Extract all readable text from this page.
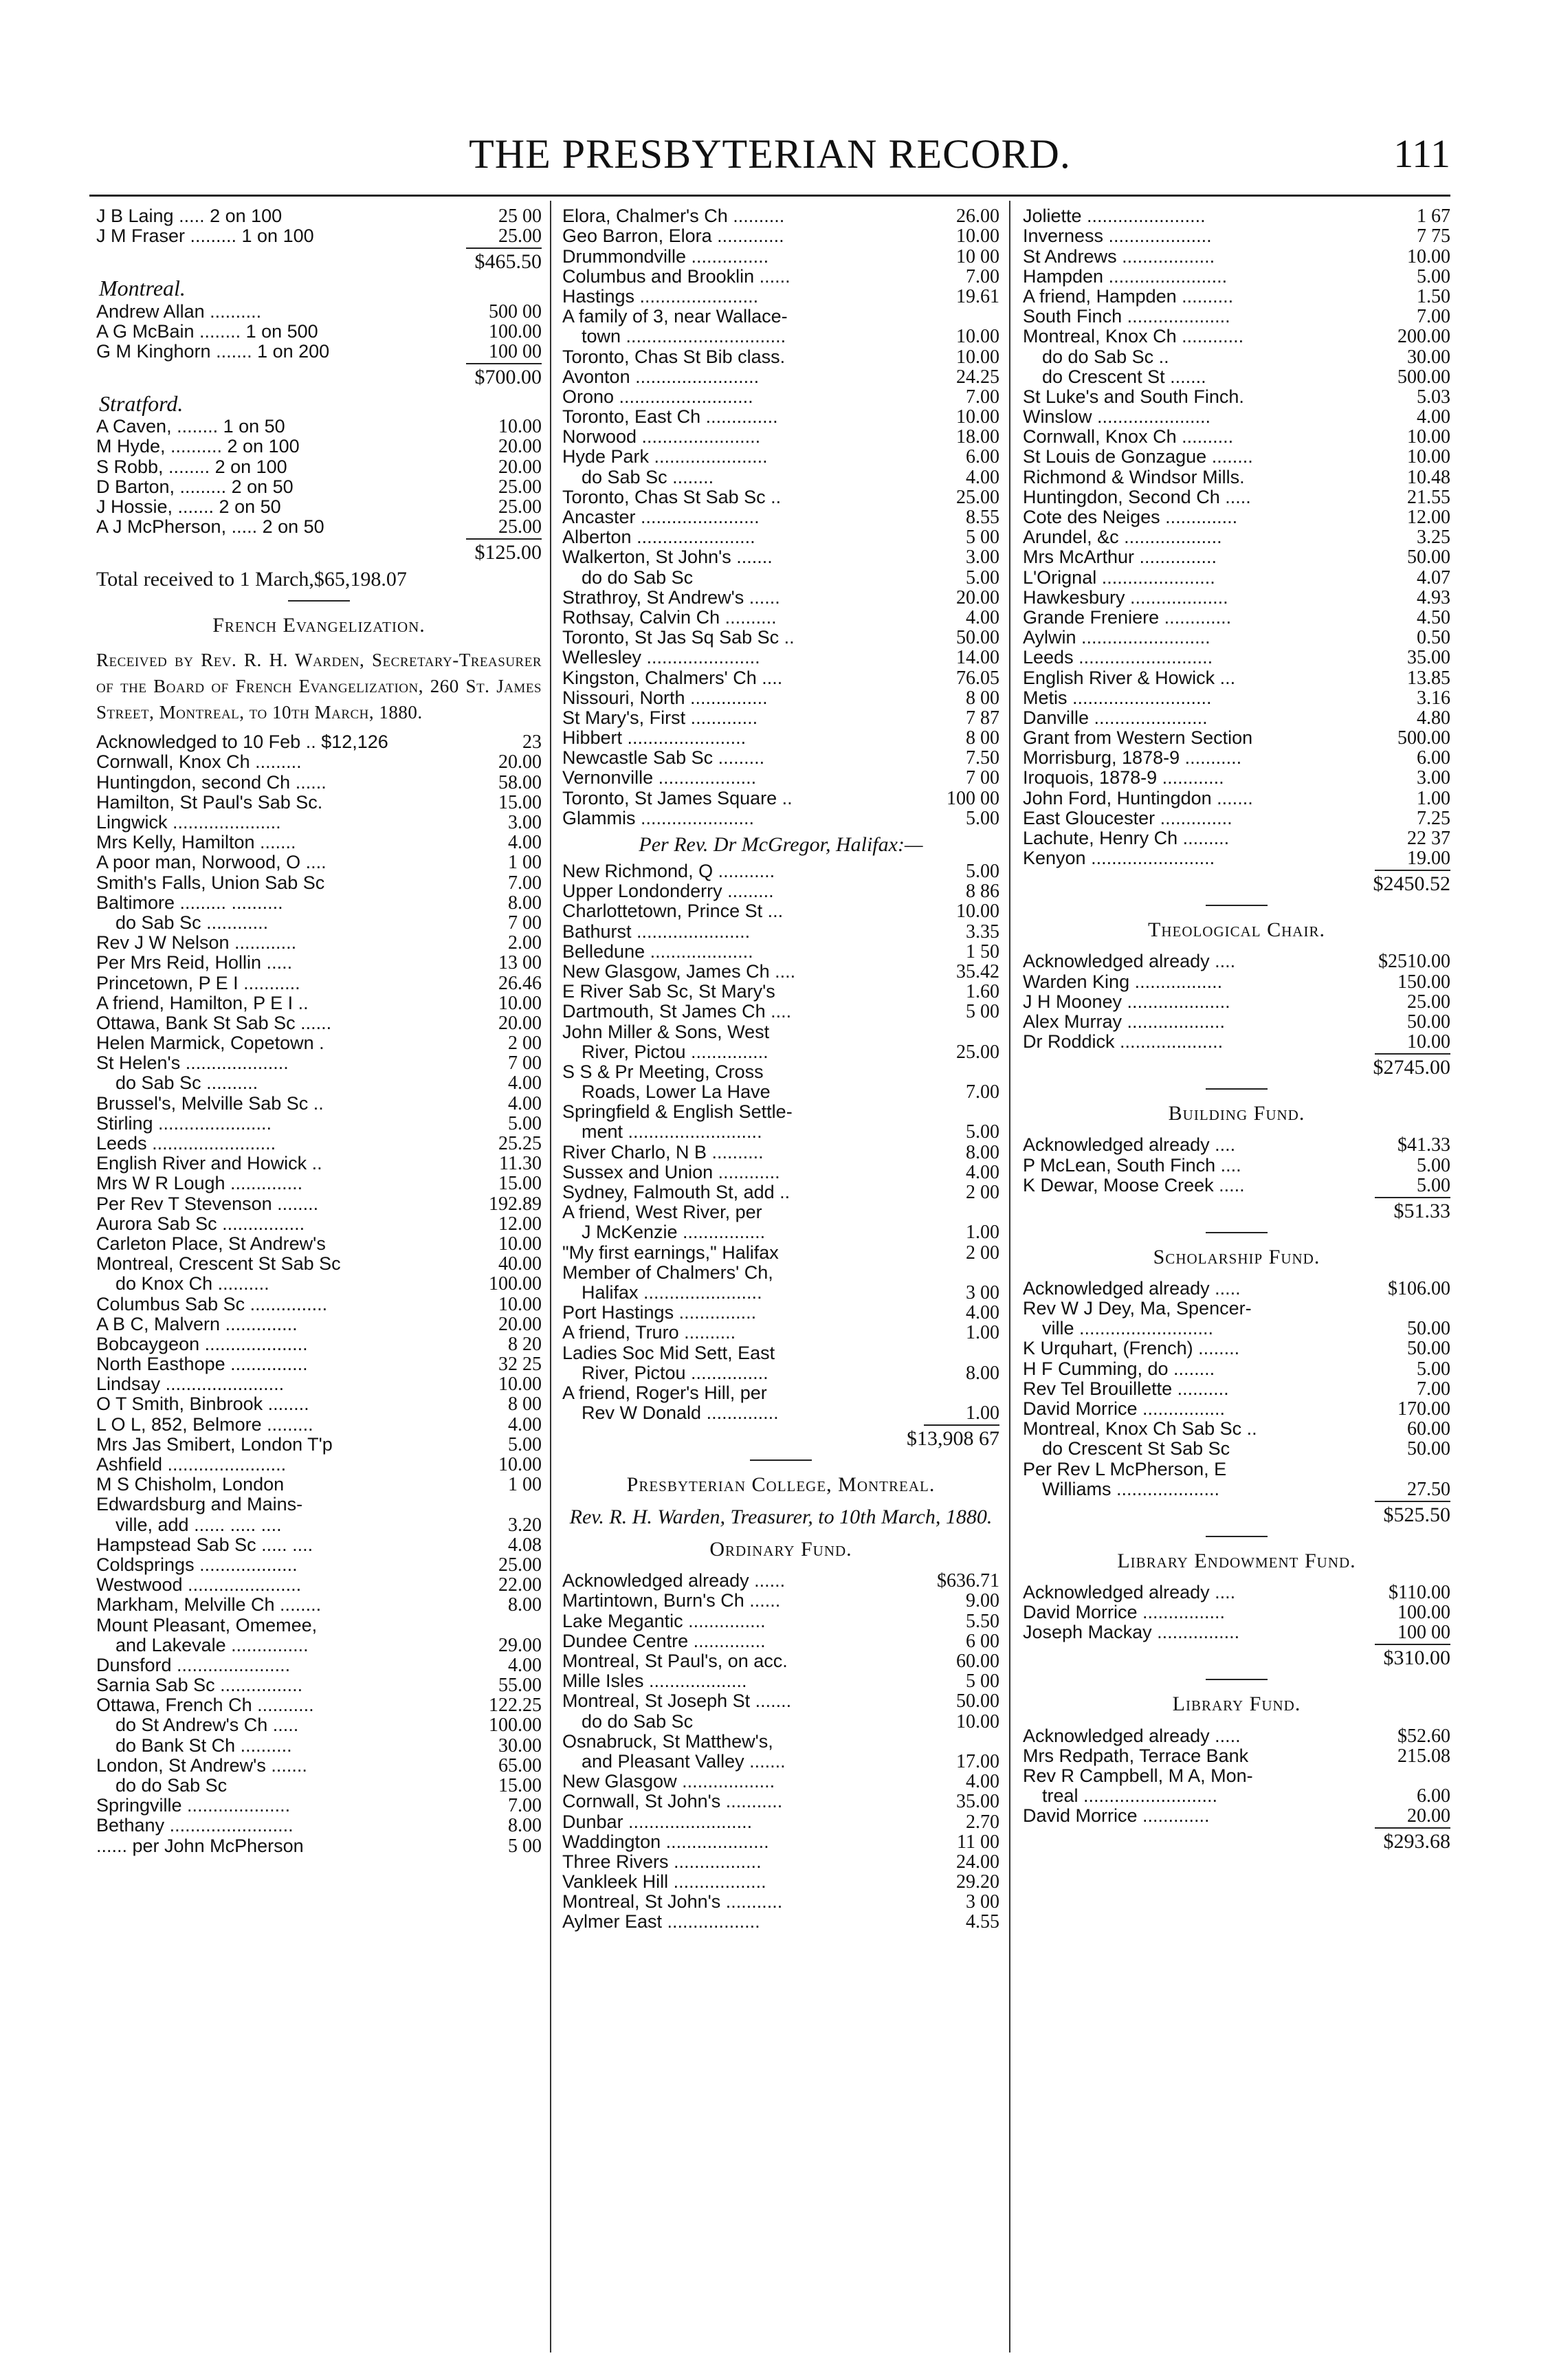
THE PRESBYTERIAN RECORD.	111
J B Laing ..... 2 on 100	25 00
J M Fraser ......... 1 on 100	25.00
$465.50
Montreal.
Andrew Allan ..........	500 00
A G McBain ........ 1 on 500	100.00
G M Kinghorn ....... 1 on 200	100 00
$700.00
Stratford.
A Caven, ........ 1 on 50	10.00
M Hyde, .......... 2 on 100	20.00
S Robb, ........ 2 on 100	20.00
D Barton, ......... 2 on 50	25.00
J Hossie, ....... 2 on 50	25.00
A J McPherson, ..... 2 on 50	25.00
$125.00
Total received to 1 March,$65,198.07
French Evangelization.
Received by Rev. R. H. Warden, Secretary-Treasurer of the Board of French Evangelization, 260 St. James Street, Montreal, to 10th March, 1880.
Acknowledged to 10 Feb .. $12,126	23
Cornwall, Knox Ch .........	20.00
Huntingdon, second Ch ......	58.00
Hamilton, St Paul's Sab Sc.	15.00
Lingwick .....................	3.00
Mrs Kelly, Hamilton .......	4.00
A poor man, Norwood, O ....	1 00
Smith's Falls, Union Sab Sc	7.00
Baltimore ......... ..........	8.00
do Sab Sc ............	7 00
Rev J W Nelson ............	2.00
Per Mrs Reid, Hollin .....	13 00
Princetown, P E I ...........	26.46
A friend, Hamilton, P E I ..	10.00
Ottawa, Bank St Sab Sc ......	20.00
Helen Marmick, Copetown .	2 00
St Helen's ....................	7 00
do Sab Sc ..........	4.00
Brussel's, Melville Sab Sc ..	4.00
Stirling ......................	5.00
Leeds ........................	25.25
English River and Howick ..	11.30
Mrs W R Lough ..............	15.00
Per Rev T Stevenson ........	192.89
Aurora Sab Sc ................	12.00
Carleton Place, St Andrew's	10.00
Montreal, Crescent St Sab Sc	40.00
do Knox Ch ..........	100.00
Columbus Sab Sc ...............	10.00
A B C, Malvern ..............	20.00
Bobcaygeon ....................	8 20
North Easthope ...............	32 25
Lindsay .......................	10.00
O T Smith, Binbrook ........	8 00
L O L, 852, Belmore .........	4.00
Mrs Jas Smibert, London T'p	5.00
Ashfield .......................	10.00
M S Chisholm, London	1 00
Edwardsburg and Mains-
ville, add ...... ..... ....	3.20
Hampstead Sab Sc ..... ....	4.08
Coldsprings ...................	25.00
Westwood ......................	22.00
Markham, Melville Ch ........	8.00
Mount Pleasant, Omemee,
and Lakevale ...............	29.00
Dunsford ......................	4.00
Sarnia Sab Sc ................	55.00
Ottawa, French Ch ...........	122.25
do St Andrew's Ch .....	100.00
do Bank St Ch ..........	30.00
London, St Andrew's .......	65.00
do do Sab Sc	15.00
Springville ....................	7.00
Bethany ........................	8.00
...... per John McPherson	5 00
Elora, Chalmer's Ch ..........	26.00
Geo Barron, Elora .............	10.00
Drummondville ...............	10 00
Columbus and Brooklin ......	7.00
Hastings .......................	19.61
A family of 3, near Wallace-
town ...............................	10.00
Toronto, Chas St Bib class.	10.00
Avonton ........................	24.25
Orono ..........................	7.00
Toronto, East Ch ..............	10.00
Norwood .......................	18.00
Hyde Park ......................	6.00
do Sab Sc ........	4.00
Toronto, Chas St Sab Sc ..	25.00
Ancaster .......................	8.55
Alberton .......................	5 00
Walkerton, St John's .......	3.00
do do Sab Sc	5.00
Strathroy, St Andrew's ......	20.00
Rothsay, Calvin Ch ..........	4.00
Toronto, St Jas Sq Sab Sc ..	50.00
Wellesley ......................	14.00
Kingston, Chalmers' Ch ....	76.05
Nissouri, North ...............	8 00
St Mary's, First .............	7 87
Hibbert .......................	8 00
Newcastle Sab Sc .........	7.50
Vernonville ...................	7 00
Toronto, St James Square ..	100 00
Glammis ......................	5.00
Per Rev. Dr McGregor, Halifax:—
New Richmond, Q ...........	5.00
Upper Londonderry .........	8 86
Charlottetown, Prince St ...	10.00
Bathurst ......................	3.35
Belledune ....................	1 50
New Glasgow, James Ch ....	35.42
E River Sab Sc, St Mary's	1.60
Dartmouth, St James Ch ....	5 00
John Miller & Sons, West
River, Pictou ...............	25.00
S S & Pr Meeting, Cross
Roads, Lower La Have	7.00
Springfield & English Settle-
ment ..........................	5.00
River Charlo, N B ..........	8.00
Sussex and Union ............	4.00
Sydney, Falmouth St, add ..	2 00
A friend, West River, per
J McKenzie ................	1.00
"My first earnings," Halifax	2 00
Member of Chalmers' Ch,
Halifax .......................	3 00
Port Hastings ...............	4.00
A friend, Truro ..........	1.00
Ladies Soc Mid Sett, East
River, Pictou ...............	8.00
A friend, Roger's Hill, per
Rev W Donald ..............	1.00
$13,908 67
Presbyterian College, Montreal.
Rev. R. H. Warden, Treasurer, to 10th March, 1880.
Ordinary Fund.
Acknowledged already ......	$636.71
Martintown, Burn's Ch ......	9.00
Lake Megantic ...............	5.50
Dundee Centre ..............	6 00
Montreal, St Paul's, on acc.	60.00
Mille Isles ...................	5 00
Montreal, St Joseph St .......	50.00
do do Sab Sc	10.00
Osnabruck, St Matthew's,
and Pleasant Valley .......	17.00
New Glasgow ..................	4.00
Cornwall, St John's ...........	35.00
Dunbar ........................	2.70
Waddington ....................	11 00
Three Rivers .................	24.00
Vankleek Hill ..................	29.20
Montreal, St John's ...........	3 00
Aylmer East ..................	4.55
Joliette .......................	1 67
Inverness ....................	7 75
St Andrews ..................	10.00
Hampden .......................	5.00
A friend, Hampden ..........	1.50
South Finch ....................	7.00
Montreal, Knox Ch ............	200.00
do do Sab Sc ..	30.00
do Crescent St .......	500.00
St Luke's and South Finch.	5.03
Winslow ......................	4.00
Cornwall, Knox Ch ..........	10.00
St Louis de Gonzague ........	10.00
Richmond & Windsor Mills.	10.48
Huntingdon, Second Ch .....	21.55
Cote des Neiges ..............	12.00
Arundel, &c ...................	3.25
Mrs McArthur ...............	50.00
L'Orignal ......................	4.07
Hawkesbury ...................	4.93
Grande Freniere .............	4.50
Aylwin .........................	0.50
Leeds ..........................	35.00
English River & Howick ...	13.85
Metis ...........................	3.16
Danville ......................	4.80
Grant from Western Section	500.00
Morrisburg, 1878-9 ...........	6.00
Iroquois, 1878-9 ............	3.00
John Ford, Huntingdon .......	1.00
East Gloucester ..............	7.25
Lachute, Henry Ch .........	22 37
Kenyon ........................	19.00
$2450.52
Theological Chair.
Acknowledged already ....	$2510.00
Warden King .................	150.00
J H Mooney ....................	25.00
Alex Murray ...................	50.00
Dr Roddick ....................	10.00
$2745.00
Building Fund.
Acknowledged already ....	$41.33
P McLean, South Finch ....	5.00
K Dewar, Moose Creek .....	5.00
$51.33
Scholarship Fund.
Acknowledged already .....	$106.00
Rev W J Dey, Ma, Spencer-
ville ..........................	50.00
K Urquhart, (French) ........	50.00
H F Cumming, do ........	5.00
Rev Tel Brouillette ..........	7.00
David Morrice ................	170.00
Montreal, Knox Ch Sab Sc ..	60.00
do Crescent St Sab Sc	50.00
Per Rev L McPherson, E
Williams ....................	27.50
$525.50
Library Endowment Fund.
Acknowledged already ....	$110.00
David Morrice ................	100.00
Joseph Mackay ................	100 00
$310.00
Library Fund.
Acknowledged already .....	$52.60
Mrs Redpath, Terrace Bank	215.08
Rev R Campbell, M A, Mon-
treal ..........................	6.00
David Morrice .............	20.00
$293.68
